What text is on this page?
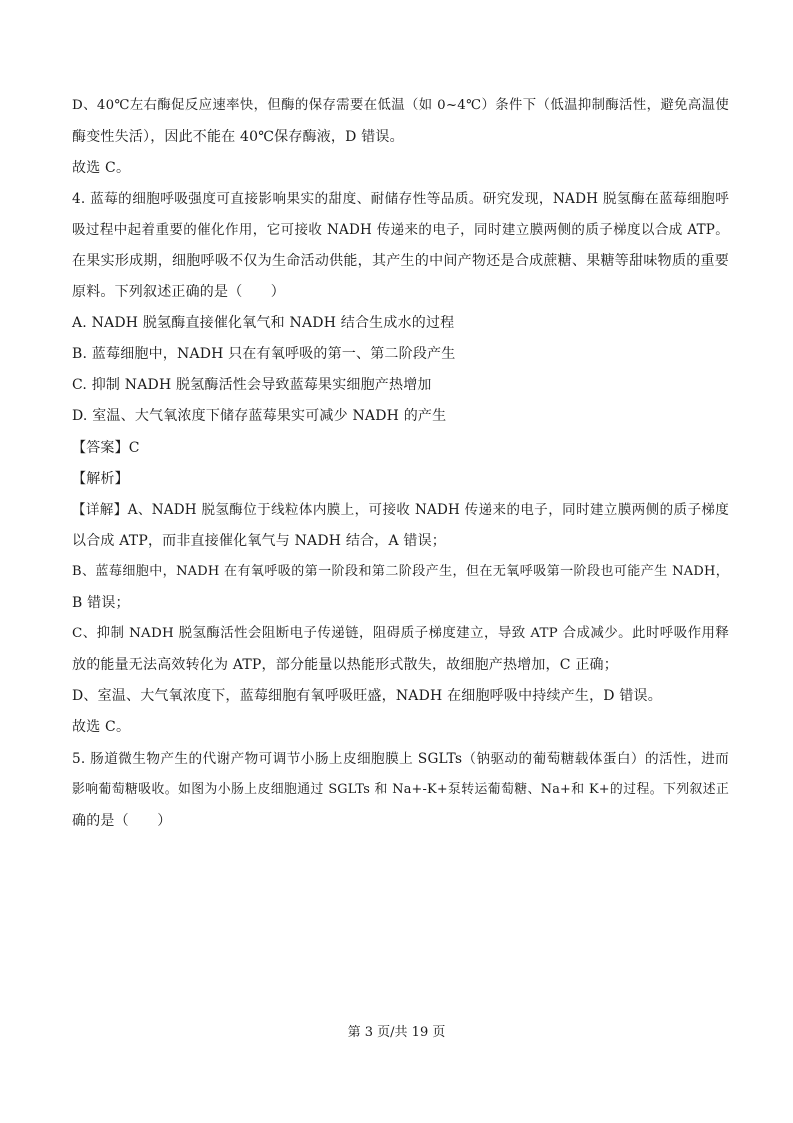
D、40℃左右酶促反应速率快，但酶的保存需要在低温（如 0~4℃）条件下（低温抑制酶活性，避免高温使
酶变性失活），因此不能在 40℃保存酶液，D 错误。
故选 C。
4. 蓝莓的细胞呼吸强度可直接影响果实的甜度、耐储存性等品质。研究发现，NADH 脱氢酶在蓝莓细胞呼
吸过程中起着重要的催化作用，它可接收 NADH 传递来的电子，同时建立膜两侧的质子梯度以合成 ATP。
在果实形成期，细胞呼吸不仅为生命活动供能，其产生的中间产物还是合成蔗糖、果糖等甜味物质的重要
原料。下列叙述正确的是（　　）
A. NADH 脱氢酶直接催化氧气和 NADH 结合生成水的过程
B. 蓝莓细胞中，NADH 只在有氧呼吸的第一、第二阶段产生
C. 抑制 NADH 脱氢酶活性会导致蓝莓果实细胞产热增加
D. 室温、大气氧浓度下储存蓝莓果实可减少 NADH 的产生
【答案】C
【解析】
【详解】A、NADH 脱氢酶位于线粒体内膜上，可接收 NADH 传递来的电子，同时建立膜两侧的质子梯度
以合成 ATP，而非直接催化氧气与 NADH 结合，A 错误；
B、蓝莓细胞中，NADH 在有氧呼吸的第一阶段和第二阶段产生，但在无氧呼吸第一阶段也可能产生 NADH，
B 错误；
C、抑制 NADH 脱氢酶活性会阻断电子传递链，阻碍质子梯度建立，导致 ATP 合成减少。此时呼吸作用释
放的能量无法高效转化为 ATP，部分能量以热能形式散失，故细胞产热增加，C 正确；
D、室温、大气氧浓度下，蓝莓细胞有氧呼吸旺盛，NADH 在细胞呼吸中持续产生，D 错误。
故选 C。
5. 肠道微生物产生的代谢产物可调节小肠上皮细胞膜上 SGLTs（钠驱动的葡萄糖载体蛋白）的活性，进而
影响葡萄糖吸收。如图为小肠上皮细胞通过 SGLTs 和 Na+-K+泵转运葡萄糖、Na+和 K+的过程。下列叙述正
确的是（　　）
第 3 页/共 19 页
